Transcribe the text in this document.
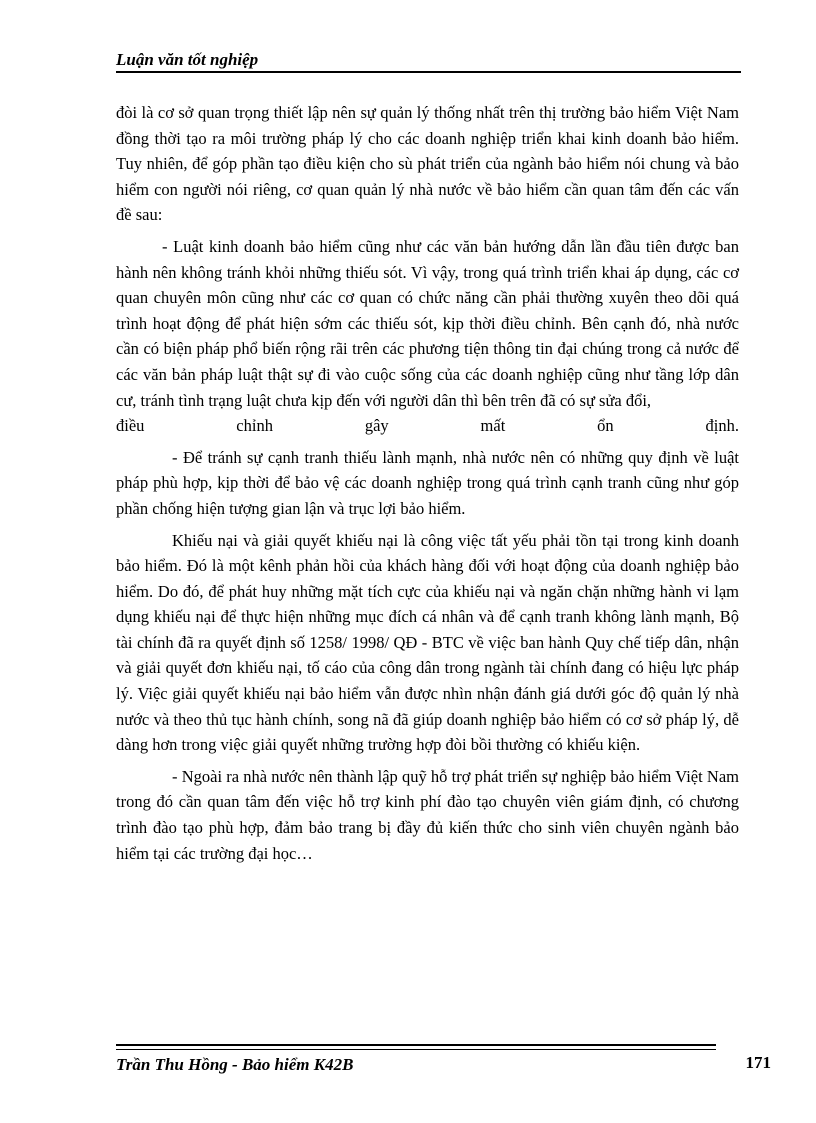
Luận văn tốt nghiệp

đòi là cơ sở quan trọng thiết lập nên sự quản lý thống nhất trên thị trường bảo hiểm Việt Nam đồng thời tạo ra môi trường pháp lý cho các doanh nghiệp triển khai kinh doanh bảo hiểm. Tuy nhiên, để góp phần tạo điều kiện cho sù phát triển của ngành bảo hiểm nói chung và bảo hiểm con người nói riêng, cơ quan quản lý nhà nước về bảo hiểm cần quan tâm đến các vấn đề sau:

- Luật kinh doanh bảo hiểm cũng như các văn bản hướng dẫn lần đầu tiên được ban hành nên không tránh khỏi những thiếu sót. Vì vậy, trong quá trình triển khai áp dụng, các cơ quan chuyên môn cũng như các cơ quan có chức năng cần phải thường xuyên theo dõi quá trình hoạt động để phát hiện sớm các thiếu sót, kịp thời điều chỉnh. Bên cạnh đó, nhà nước cần có biện pháp phổ biến rộng rãi trên các phương tiện thông tin đại chúng trong cả nước để các văn bản pháp luật thật sự đi vào cuộc sống của các doanh nghiệp cũng như tầng lớp dân cư, tránh tình trạng luật chưa kịp đến với người dân thì bên trên đã có sự sửa đổi,

điều chỉnh gây mất ổn định.

- Để tránh sự cạnh tranh thiếu lành mạnh, nhà nước nên có những quy định về luật pháp phù hợp, kịp thời để bảo vệ các doanh nghiệp trong quá trình cạnh tranh cũng như góp phần chống hiện tượng gian lận và trục lợi bảo hiểm.

Khiếu nại và giải quyết khiếu nại là công việc tất yếu phải tồn tại trong kinh doanh bảo hiểm. Đó là một kênh phản hồi của khách hàng đối với hoạt động của doanh nghiệp bảo hiểm. Do đó, để phát huy những mặt tích cực của khiếu nại và ngăn chặn những hành vi lạm dụng khiếu nại để thực hiện những mục đích cá nhân và để cạnh tranh không lành mạnh, Bộ tài chính đã ra quyết định số 1258/ 1998/ QĐ - BTC về việc ban hành Quy chế tiếp dân, nhận và giải quyết đơn khiếu nại, tố cáo của công dân trong ngành tài chính đang có hiệu lực pháp lý. Việc giải quyết khiếu nại bảo hiểm vẫn được nhìn nhận đánh giá dưới góc độ quản lý nhà nước và theo thủ tục hành chính, song nã đã giúp doanh nghiệp bảo hiểm có cơ sở pháp lý, dễ dàng hơn trong việc giải quyết những trường hợp đòi bồi thường có khiếu kiện.

- Ngoài ra nhà nước nên thành lập quỹ hỗ trợ phát triển sự nghiệp bảo hiểm Việt Nam trong đó cần quan tâm đến việc hỗ trợ kinh phí đào tạo chuyên viên giám định, có chương trình đào tạo phù hợp, đảm bảo trang bị đầy đủ kiến thức cho sinh viên chuyên ngành bảo hiểm tại các trường đại học…

Trần Thu Hồng - Bảo hiểm K42B	171
